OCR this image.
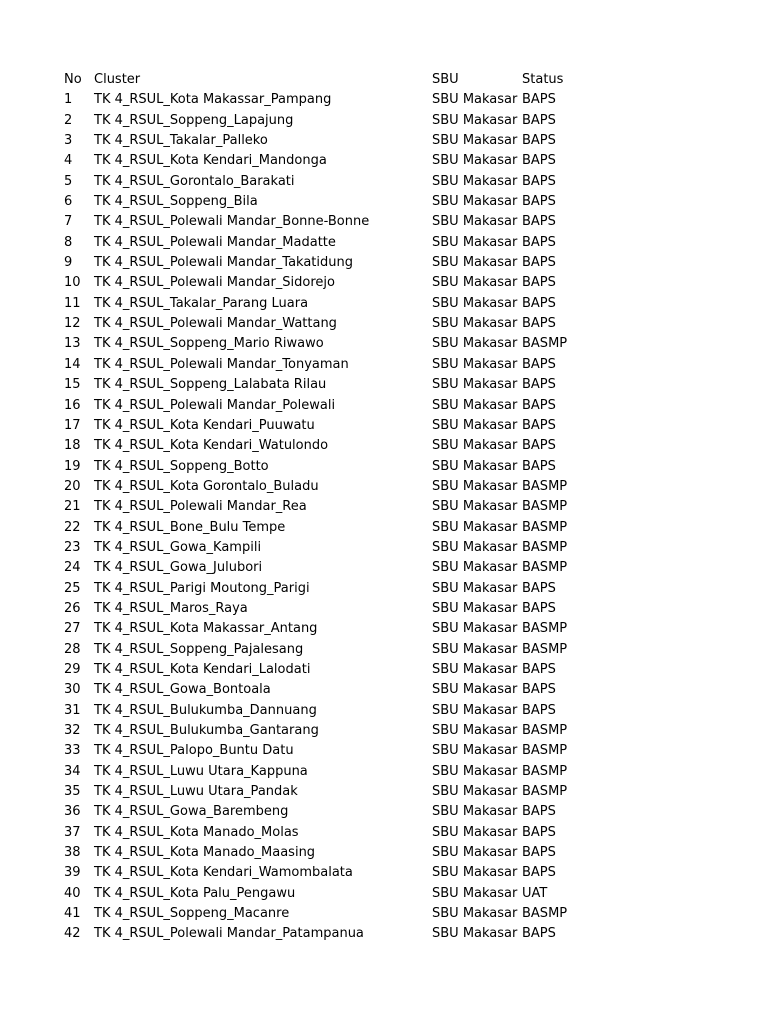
No Cluster	SBU	Status
1 TK 4_RSUL_Kota Makassar_Pampang	SBU Makasar BAPS
2 TK 4_RSUL_Soppeng_Lapajung	SBU Makasar BAPS
3 TK 4_RSUL_Takalar_Palleko	SBU Makasar BAPS
4 TK 4_RSUL_Kota Kendari_Mandonga	SBU Makasar BAPS
5 TK 4_RSUL_Gorontalo_Barakati	SBU Makasar BAPS
6 TK 4_RSUL_Soppeng_Bila	SBU Makasar BAPS
7 TK 4_RSUL_Polewali Mandar_Bonne-Bonne	SBU Makasar BAPS
8 TK 4_RSUL_Polewali Mandar_Madatte	SBU Makasar BAPS
9 TK 4_RSUL_Polewali Mandar_Takatidung	SBU Makasar BAPS
10 TK 4_RSUL_Polewali Mandar_Sidorejo	SBU Makasar BAPS
11 TK 4_RSUL_Takalar_Parang Luara	SBU Makasar BAPS
12 TK 4_RSUL_Polewali Mandar_Wattang	SBU Makasar BAPS
13 TK 4_RSUL_Soppeng_Mario Riwawo	SBU Makasar BASMP
14 TK 4_RSUL_Polewali Mandar_Tonyaman	SBU Makasar BAPS
15 TK 4_RSUL_Soppeng_Lalabata Rilau	SBU Makasar BAPS
16 TK 4_RSUL_Polewali Mandar_Polewali	SBU Makasar BAPS
17 TK 4_RSUL_Kota Kendari_Puuwatu	SBU Makasar BAPS
18 TK 4_RSUL_Kota Kendari_Watulondo	SBU Makasar BAPS
19 TK 4_RSUL_Soppeng_Botto	SBU Makasar BAPS
20 TK 4_RSUL_Kota Gorontalo_Buladu	SBU Makasar BASMP
21 TK 4_RSUL_Polewali Mandar_Rea	SBU Makasar BASMP
22 TK 4_RSUL_Bone_Bulu Tempe	SBU Makasar BASMP
23 TK 4_RSUL_Gowa_Kampili	SBU Makasar BASMP
24 TK 4_RSUL_Gowa_Julubori	SBU Makasar BASMP
25 TK 4_RSUL_Parigi Moutong_Parigi	SBU Makasar BAPS
26 TK 4_RSUL_Maros_Raya	SBU Makasar BAPS
27 TK 4_RSUL_Kota Makassar_Antang	SBU Makasar BASMP
28 TK 4_RSUL_Soppeng_Pajalesang	SBU Makasar BASMP
29 TK 4_RSUL_Kota Kendari_Lalodati	SBU Makasar BAPS
30 TK 4_RSUL_Gowa_Bontoala	SBU Makasar BAPS
31 TK 4_RSUL_Bulukumba_Dannuang	SBU Makasar BAPS
32 TK 4_RSUL_Bulukumba_Gantarang	SBU Makasar BASMP
33 TK 4_RSUL_Palopo_Buntu Datu	SBU Makasar BASMP
34 TK 4_RSUL_Luwu Utara_Kappuna	SBU Makasar BASMP
35 TK 4_RSUL_Luwu Utara_Pandak	SBU Makasar BASMP
36 TK 4_RSUL_Gowa_Barembeng	SBU Makasar BAPS
37 TK 4_RSUL_Kota Manado_Molas	SBU Makasar BAPS
38 TK 4_RSUL_Kota Manado_Maasing	SBU Makasar BAPS
39 TK 4_RSUL_Kota Kendari_Wamombalata	SBU Makasar BAPS
40 TK 4_RSUL_Kota Palu_Pengawu	SBU Makasar UAT
41 TK 4_RSUL_Soppeng_Macanre	SBU Makasar BASMP
42 TK 4_RSUL_Polewali Mandar_Patampanua	SBU Makasar BAPS
